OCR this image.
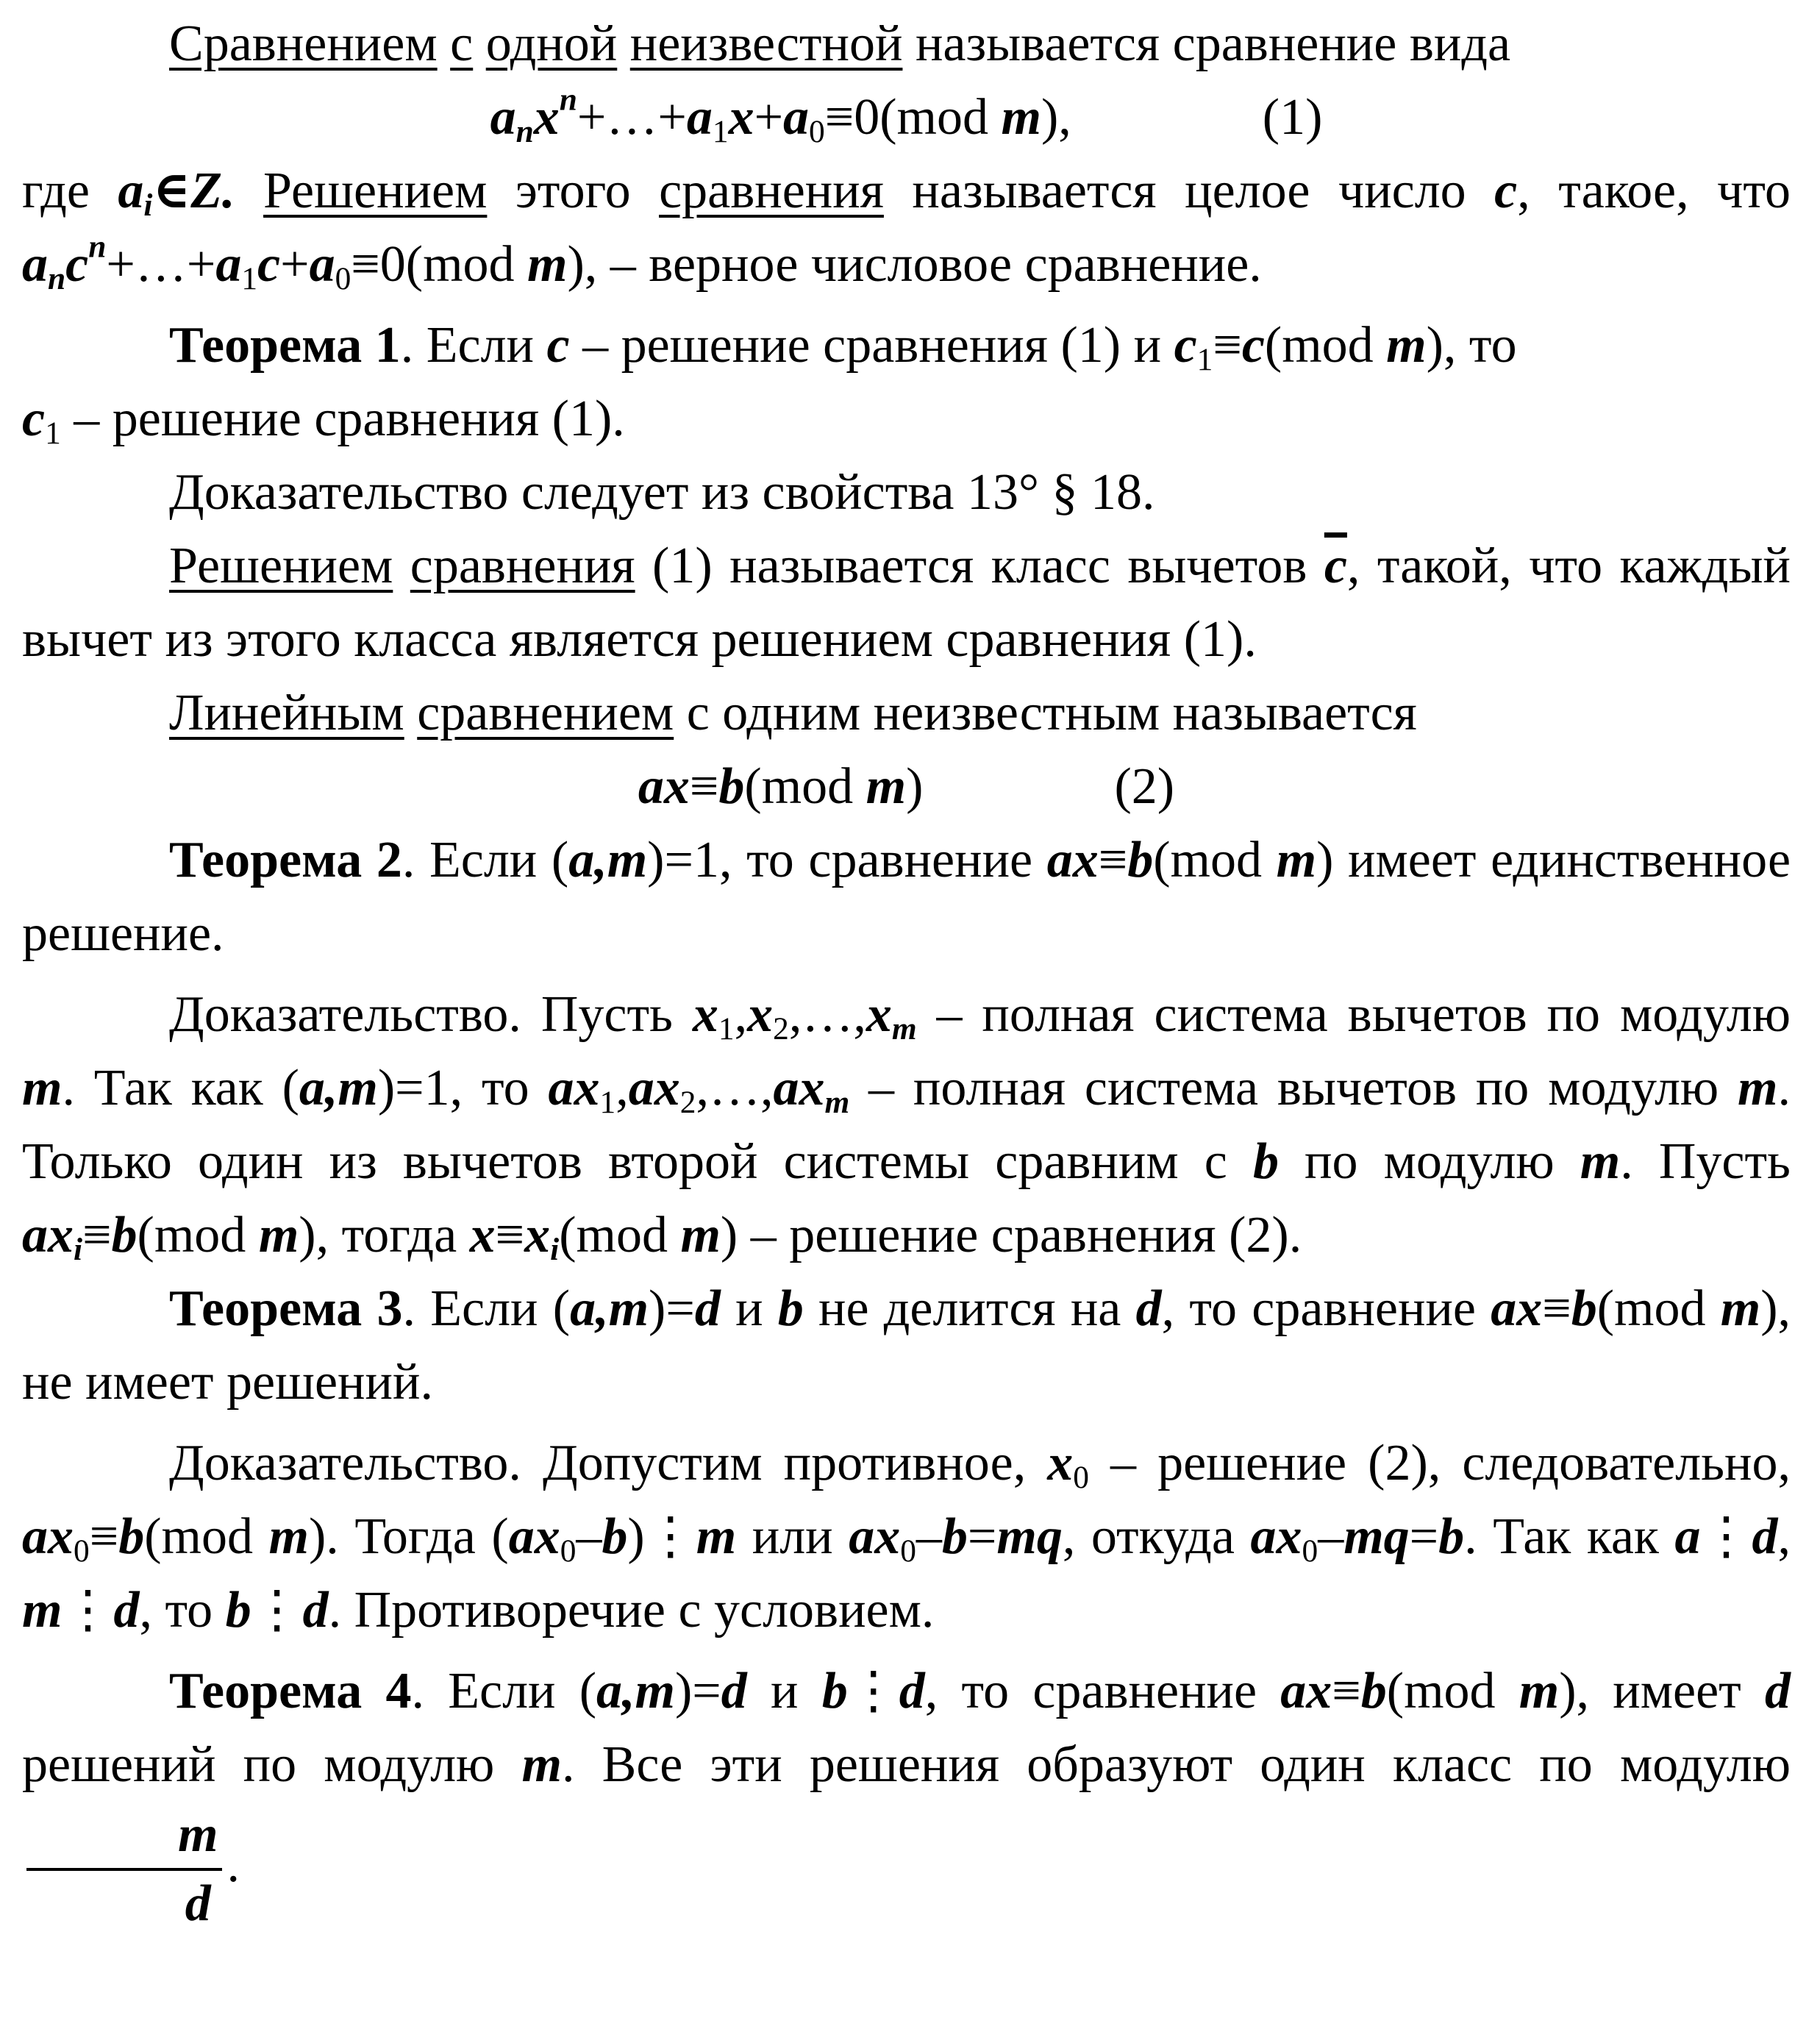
Сравнением с одной неизвестной называется сравнение вида

$a_nx^n+\dots+a_1x+a_0\equiv 0(mod$ m),	(1)

где $a_i\in Z$. Решением этого сравнения называется целое число c, такое, что $a_nc^n+\dots+a_1c+a_0\equiv 0(mod$ m), – верное числовое сравнение.

Теорема 1. Если c – решение сравнения (1) и $c_1\equiv c(mod$ m), то
$c_1$ – решение сравнения (1).

Доказательство следует из свойства 13° § 18.

Решением сравнения (1) называется класс вычетов $\overline{c}$, такой, что каждый вычет из этого класса является решением сравнения (1).

Линейным сравнением с одним неизвестным называется

ax≡b(mod m)	(2)

Теорема 2. Если (a,m)=1, то сравнение ax≡b(mod m) имеет единственное решение.

Доказательство. Пусть $x_1,x_2,\dots,x_m$ – полная система вычетов по модулю m. Так как (a,m)=1, то $ax_1,ax_2,\dots,ax_m$ – полная система вычетов по модулю m. Только один из вычетов второй системы сравним с b по модулю m. Пусть $ax_i\equiv b(mod$ m), тогда $x\equiv x_i(mod$ m) – решение сравнения (2).

Теорема 3. Если (a,m)=d и b не делится на d, то сравнение ax≡b(mod m), не имеет решений.

Доказательство. Допустим противное, $x_0$ – решение (2), следовательно, $ax_0\equiv b(mod$ m). Тогда $(ax_0-b)⋮m$ или $ax_0-b=mq$, откуда $ax_0-mq=b$. Так как a⋮d, m⋮d, то b⋮d. Противоречие с условием.

Теорема 4. Если (a,m)=d и b⋮d, то сравнение ax≡b(mod m), имеет d решений по модулю m. Все эти решения образуют один класс по модулю
$\frac{m}{d}$ .
